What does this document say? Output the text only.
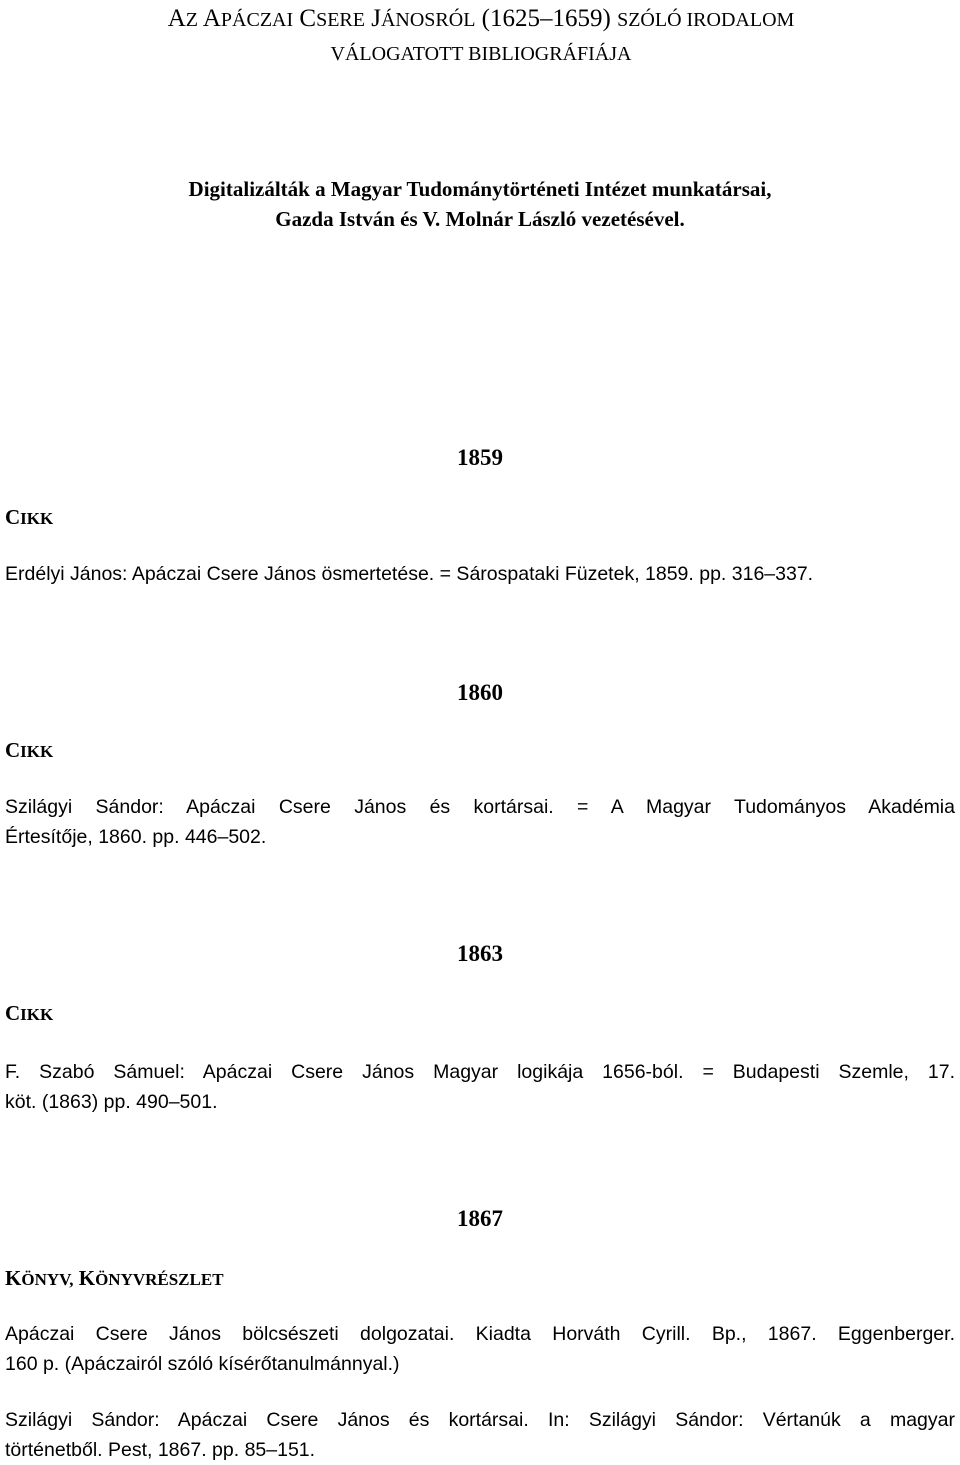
AZ APÁCZAI CSERE JÁNOSRÓL (1625–1659) SZÓLÓ IRODALOM
VÁLOGATOTT BIBLIOGRÁFIÁJA
Digitalizálták a Magyar Tudománytörténeti Intézet munkatársai,
Gazda István és V. Molnár László vezetésével.
1859
CIKK
Erdélyi János: Apáczai Csere János ösmertetése. = Sárospataki Füzetek, 1859. pp. 316–337.
1860
CIKK
Szilágyi Sándor: Apáczai Csere János és kortársai. = A Magyar Tudományos Akadémia
Értesítője, 1860. pp. 446–502.
1863
CIKK
F. Szabó Sámuel: Apáczai Csere János Magyar logikája 1656-ból. = Budapesti Szemle, 17.
köt. (1863) pp. 490–501.
1867
KÖNYV, KÖNYVRÉSZLET
Apáczai Csere János bölcsészeti dolgozatai. Kiadta Horváth Cyrill. Bp., 1867. Eggenberger.
160 p. (Apáczairól szóló kísérőtanulmánnyal.)
Szilágyi Sándor: Apáczai Csere János és kortársai. In: Szilágyi Sándor: Vértanúk a magyar
történetből. Pest, 1867. pp. 85–151.
